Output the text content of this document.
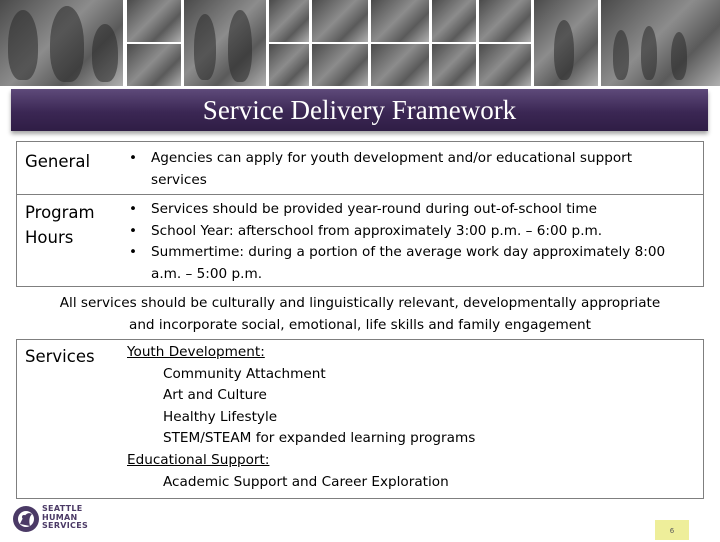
Service Delivery Framework
General	• Agencies can apply for youth development and/or educational support services
Program
Hours
• Services should be provided year-round during out-of-school time
• School Year: afterschool from approximately 3:00 p.m. – 6:00 p.m.
• Summertime: during a portion of the average work day approximately 8:00 a.m. – 5:00 p.m.
All services should be culturally and linguistically relevant, developmentally appropriate
and incorporate social, emotional, life skills and family engagement
Services Youth Development:
Community Attachment
Art and Culture
Healthy Lifestyle
STEM/STEAM for expanded learning programs
Educational Support:
Academic Support and Career Exploration
SEATTLE
HUMAN
SERVICES
6
